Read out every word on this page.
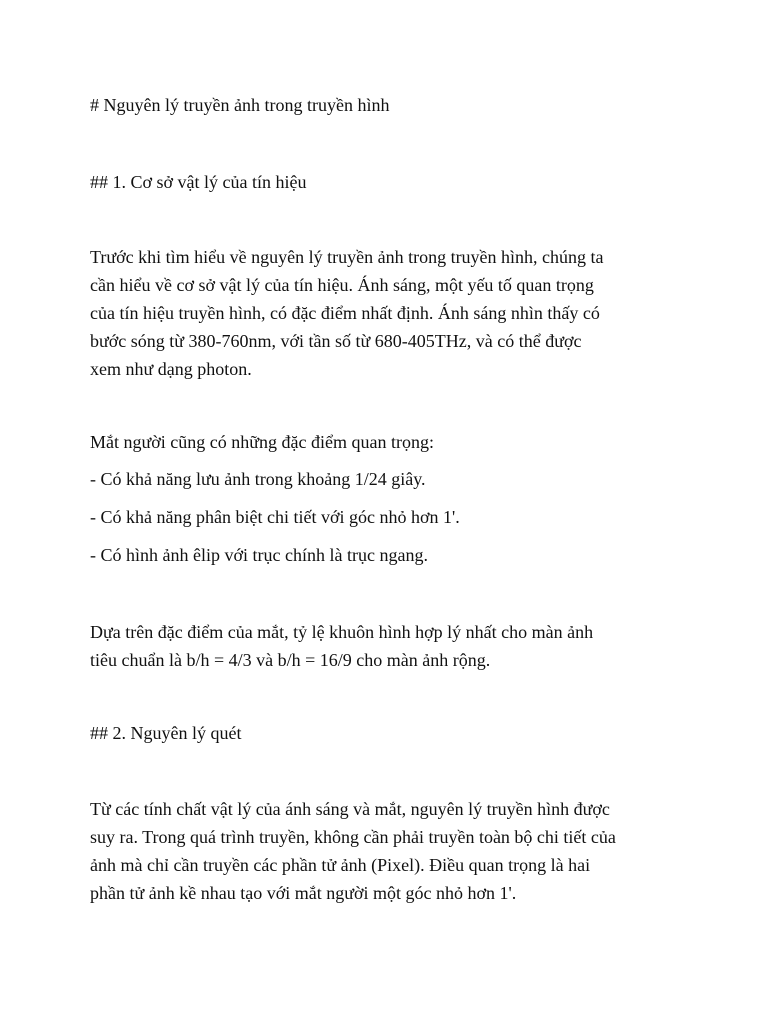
# Nguyên lý truyền ảnh trong truyền hình

## 1. Cơ sở vật lý của tín hiệu

Trước khi tìm hiểu về nguyên lý truyền ảnh trong truyền hình, chúng ta
cần hiểu về cơ sở vật lý của tín hiệu. Ánh sáng, một yếu tố quan trọng
của tín hiệu truyền hình, có đặc điểm nhất định. Ánh sáng nhìn thấy có
bước sóng từ 380-760nm, với tần số từ 680-405THz, và có thể được
xem như dạng photon.

Mắt người cũng có những đặc điểm quan trọng:

- Có khả năng lưu ảnh trong khoảng 1/24 giây.

- Có khả năng phân biệt chi tiết với góc nhỏ hơn 1'.

- Có hình ảnh êlip với trục chính là trục ngang.

Dựa trên đặc điểm của mắt, tỷ lệ khuôn hình hợp lý nhất cho màn ảnh
tiêu chuẩn là b/h = 4/3 và b/h = 16/9 cho màn ảnh rộng.

## 2. Nguyên lý quét

Từ các tính chất vật lý của ánh sáng và mắt, nguyên lý truyền hình được
suy ra. Trong quá trình truyền, không cần phải truyền toàn bộ chi tiết của
ảnh mà chỉ cần truyền các phần tử ảnh (Pixel). Điều quan trọng là hai
phần tử ảnh kề nhau tạo với mắt người một góc nhỏ hơn 1'.
